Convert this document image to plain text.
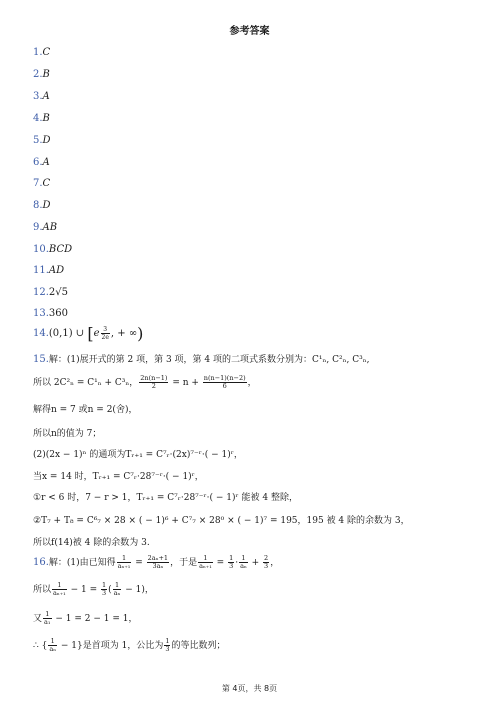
参考答案
1.C
2.B
3.A
4.B
5.D
6.A
7.C
8.D
9.AB
10.BCD
11.AD
12.2√5
13.360
14.(0,1) ∪ [$e \frac{3}{2e}$ , + ∞)
15.解：(1)展开式的第 2 项，第 3 项，第 4 项的二项式系数分别为：C¹ₙ, C²ₙ, C³ₙ,
所以 2C²ₙ = C¹ₙ + C³ₙ， $\frac{2n(n-1)}{2} = n + \frac{n(n-1)(n-2)}{6}$ ，
解得n = 7 或n = 2(舍)，
所以n的值为 7；
(2)(2x − 1)ⁿ 的通项为Tᵣ₊₁ = C⁷ᵣ·(2x)⁷⁻ʳ·( − 1)ʳ，
当x = 14 时，Tᵣ₊₁ = C⁷ᵣ·28⁷⁻ʳ·( − 1)ʳ，
①r < 6 时，7 − r > 1，Tᵣ₊₁ = C⁷ᵣ·28⁷⁻ʳ·( − 1)ʳ 能被 4 整除，
②T₇ + T₈ = C⁶₇ × 28 × ( − 1)⁶ + C⁷₇ × 28⁰ × ( − 1)⁷ = 195，195 被 4 除的余数为 3，
所以f(14)被 4 除的余数为 3.
16.解：(1)由已知得 $\frac{1}{\text{aₙ₊₁}} = \frac{\text{2aₙ+1}}{\text{3aₙ}}$ ，于是 $\frac{1}{\text{aₙ₊₁}} = \frac{1}{3} \cdot \frac{1}{\text{aₙ}} + \frac{2}{3}$ ，
所以 $\frac{1}{\text{aₙ₊₁}} - 1 = \frac{1}{3}$ ( $\frac{1}{\text{aₙ}} - 1$)，
又 $\frac{1}{\text{a₁}} - 1 = 2 - 1 = 1$，
∴ { $\frac{1}{\text{aₙ}} - 1$}是首项为 1，公比为 $\frac{1}{3}$ 的等比数列；
第 4页，共 8页
